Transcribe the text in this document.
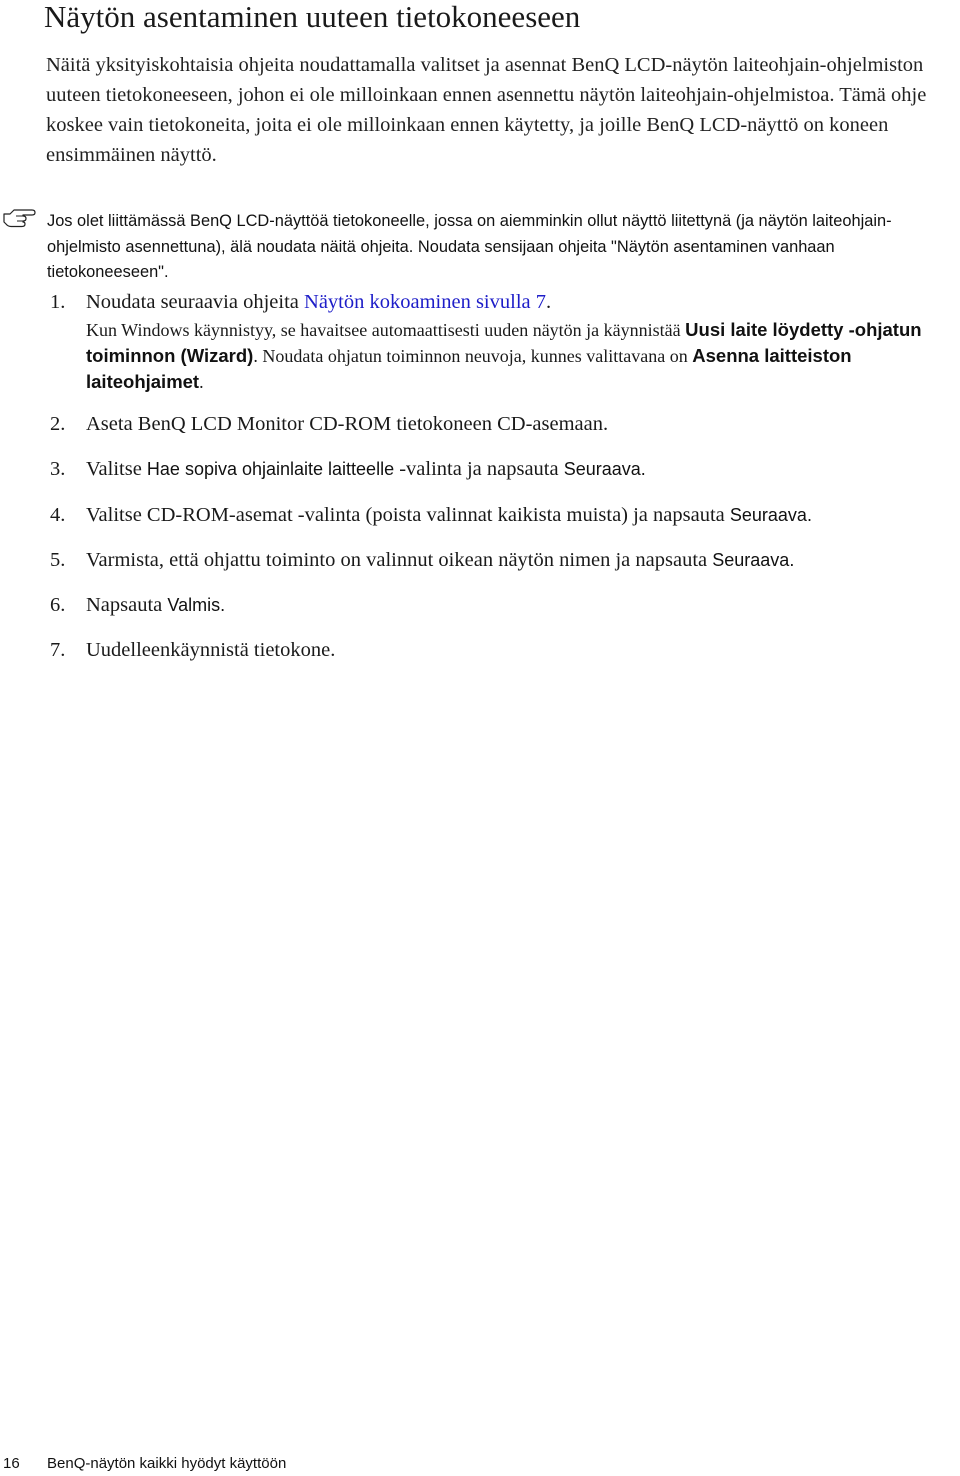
Näytön asentaminen uuteen tietokoneeseen

Näitä yksityiskohtaisia ohjeita noudattamalla valitset ja asennat BenQ LCD-näytön laiteohjain-ohjelmiston uuteen tietokoneeseen, johon ei ole milloinkaan ennen asennettu näytön laiteohjain-ohjelmistoa. Tämä ohje koskee vain tietokoneita, joita ei ole milloinkaan ennen käytetty, ja joille BenQ LCD-näyttö on koneen ensimmäinen näyttö.

Jos olet liittämässä BenQ LCD-näyttöä tietokoneelle, jossa on aiemminkin ollut näyttö liitettynä (ja näytön laiteohjain-ohjelmisto asennettuna), älä noudata näitä ohjeita. Noudata sensijaan ohjeita "Näytön asentaminen vanhaan tietokoneeseen".

1.	Noudata seuraavia ohjeita Näytön kokoaminen sivulla 7.
Kun Windows käynnistyy, se havaitsee automaattisesti uuden näytön ja käynnistää Uusi laite löydetty -ohjatun toiminnon (Wizard). Noudata ohjatun toiminnon neuvoja, kunnes valittavana on Asenna laitteiston laiteohjaimet.
2.	Aseta BenQ LCD Monitor CD-ROM tietokoneen CD-asemaan.
3.	Valitse Hae sopiva ohjainlaite laitteelle -valinta ja napsauta Seuraava.
4.	Valitse CD-ROM-asemat -valinta (poista valinnat kaikista muista) ja napsauta Seuraava.
5.	Varmista, että ohjattu toiminto on valinnut oikean näytön nimen ja napsauta Seuraava.
6.	Napsauta Valmis.
7.	Uudelleenkäynnistä tietokone.
16 BenQ-näytön kaikki hyödyt käyttöön
